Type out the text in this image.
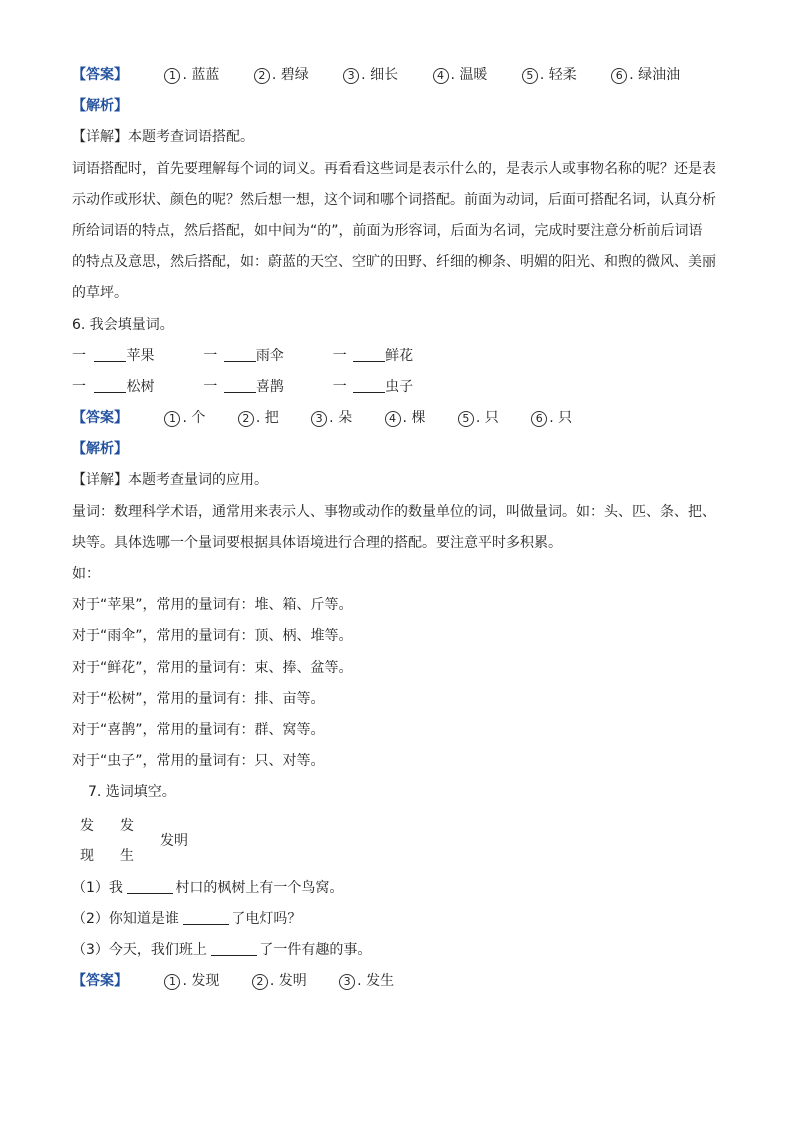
【答案】	1 . 蓝蓝	2 . 碧绿	3 . 细长	4 . 温暖	5 . 轻柔	6 . 绿油油
【解析】
【详解】本题考查词语搭配。
词语搭配时，首先要理解每个词的词义。再看看这些词是表示什么的，是表示人或事物名称的呢？还是表
示动作或形状、颜色的呢？然后想一想，这个词和哪个词搭配。前面为动词，后面可搭配名词，认真分析
所给词语的特点，然后搭配，如中间为“的”，前面为形容词，后面为名词，完成时要注意分析前后词语
的特点及意思，然后搭配，如：蔚蓝的天空、空旷的田野、纤细的柳条、明媚的阳光、和煦的微风、美丽
的草坪。
6. 我会填量词。
一	苹果	一	雨伞	一	鲜花
一	松树	一	喜鹊	一	虫子
【答案】	1 . 个	2 . 把	3 . 朵	4 . 棵	5 . 只	6 . 只
【解析】
【详解】本题考查量词的应用。
量词：数理科学术语，通常用来表示人、事物或动作的数量单位的词，叫做量词。如：头、匹、条、把、
块等。具体选哪一个量词要根据具体语境进行合理的搭配。要注意平时多积累。
如：
对于“苹果”，常用的量词有：堆、箱、斤等。
对于“雨伞”，常用的量词有：顶、柄、堆等。
对于“鲜花”，常用的量词有：束、捧、盆等。
对于“松树”，常用的量词有：排、亩等。
对于“喜鹊”，常用的量词有：群、窝等。
对于“虫子”，常用的量词有：只、对等。
7. 选词填空。
发
现
发
生
发明
（1）我	村口的枫树上有一个鸟窝。
（2）你知道是谁	了电灯吗？
（3）今天，我们班上	了一件有趣的事。
【答案】	1 . 发现	2 . 发明	3 . 发生
